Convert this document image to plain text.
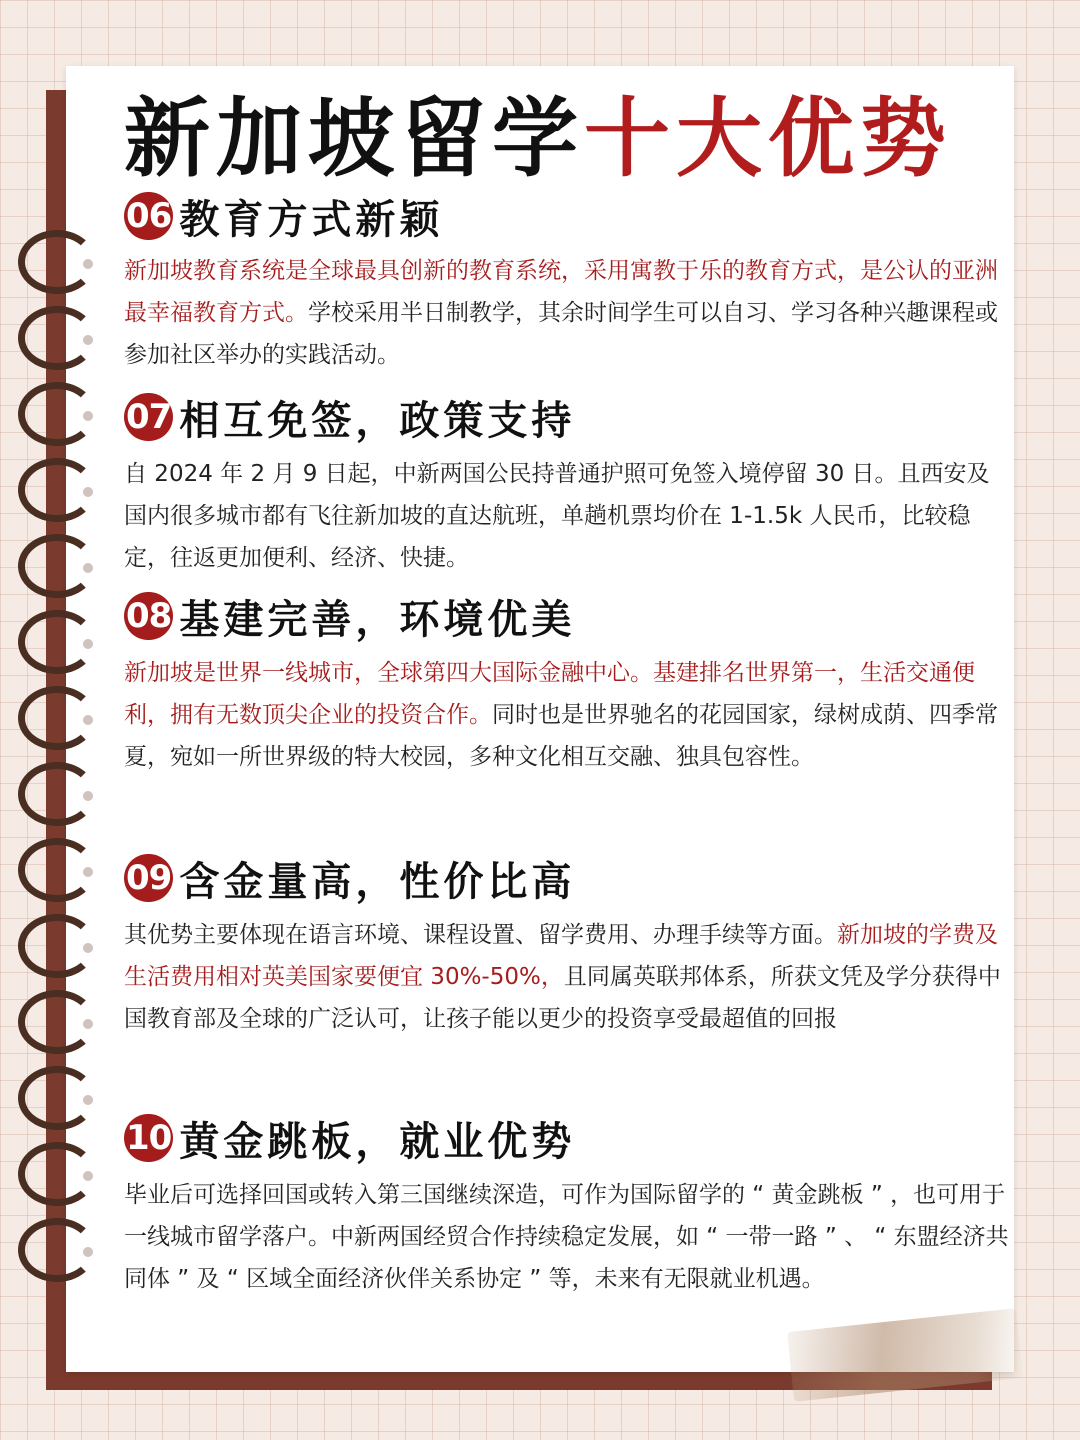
新加坡留学十大优势
06 教育方式新颖
新加坡教育系统是全球最具创新的教育系统，采用寓教于乐的教育方式，是公认的亚洲最幸福教育方式。学校采用半日制教学，其余时间学生可以自习、学习各种兴趣课程或参加社区举办的实践活动。
07 相互免签，政策支持
自 2024 年 2 月 9 日起，中新两国公民持普通护照可免签入境停留 30 日。且西安及国内很多城市都有飞往新加坡的直达航班，单趟机票均价在 1-1.5k 人民币，比较稳定，往返更加便利、经济、快捷。
08 基建完善，环境优美
新加坡是世界一线城市，全球第四大国际金融中心。基建排名世界第一，生活交通便利，拥有无数顶尖企业的投资合作。同时也是世界驰名的花园国家，绿树成荫、四季常夏，宛如一所世界级的特大校园，多种文化相互交融、独具包容性。
09 含金量高，性价比高
其优势主要体现在语言环境、课程设置、留学费用、办理手续等方面。新加坡的学费及生活费用相对英美国家要便宜 30%-50%，且同属英联邦体系，所获文凭及学分获得中国教育部及全球的广泛认可，让孩子能以更少的投资享受最超值的回报
10 黄金跳板，就业优势
毕业后可选择回国或转入第三国继续深造，可作为国际留学的 “ 黄金跳板 ” ，也可用于一线城市留学落户。中新两国经贸合作持续稳定发展，如 “ 一带一路 ” 、 “ 东盟经济共同体 ” 及 “ 区域全面经济伙伴关系协定 ” 等，未来有无限就业机遇。
